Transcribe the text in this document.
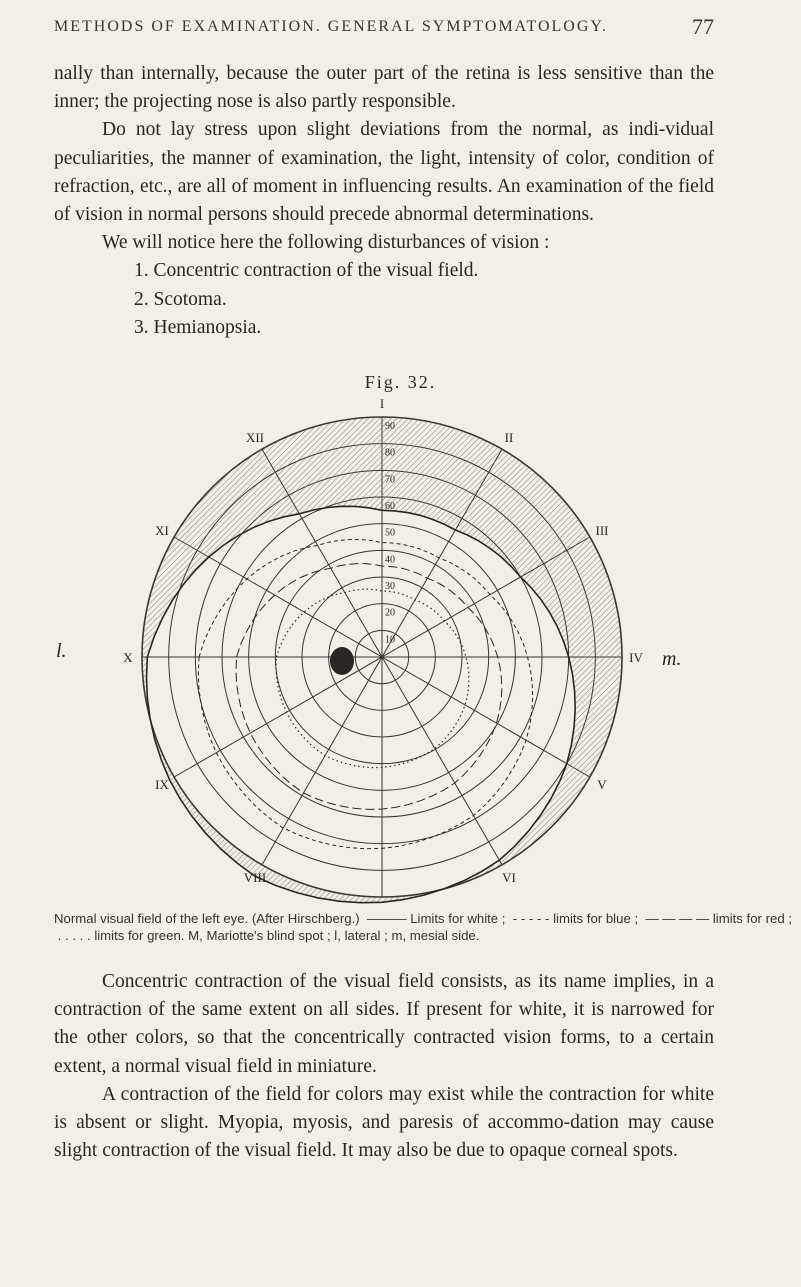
METHODS OF EXAMINATION. GENERAL SYMPTOMATOLOGY.	77

nally than internally, because the outer part of the retina is less sensitive than the inner; the projecting nose is also partly responsible.

Do not lay stress upon slight deviations from the normal, as indi-vidual peculiarities, the manner of examination, the light, intensity of color, condition of refraction, etc., are all of moment in influencing results. An examination of the field of vision in normal persons should precede abnormal determinations.

We will notice here the following disturbances of vision :

1. Concentric contraction of the visual field.

2. Scotoma.

3. Hemianopsia.

Fig. 32.
l.	m.
10
20
30
40
50
60
70
80
90
I
II
III
IV
V
VI
VIII
IX
X
XI
XII
Normal visual field of the left eye. (After Hirschberg.)  ——— Limits for white ;  - - - - - limits for blue ;  — — — — limits for red ;  . . . . . limits for green. M, Mariotte's blind spot ; l, lateral ; m, mesial side.

Concentric contraction of the visual field consists, as its name implies, in a contraction of the same extent on all sides. If present for white, it is narrowed for the other colors, so that the concentrically contracted vision forms, to a certain extent, a normal visual field in miniature.

A contraction of the field for colors may exist while the contraction for white is absent or slight. Myopia, myosis, and paresis of accommo-dation may cause slight contraction of the visual field. It may also be due to opaque corneal spots.
